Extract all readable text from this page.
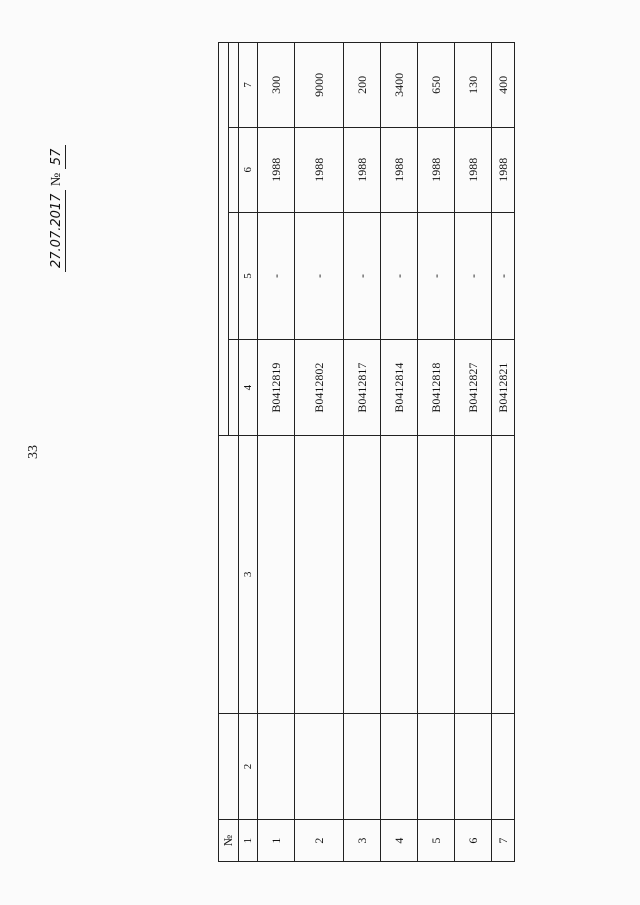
33
27.07.2017 № 57
№						

1	2	3	4	5	6	7
1			B0412819	-	1988	300
2			B0412802	-	1988	9000
3			B0412817	-	1988	200
4			B0412814	-	1988	3400
5			B0412818	-	1988	650
6			B0412827	-	1988	130
7			B0412821	-	1988	400
